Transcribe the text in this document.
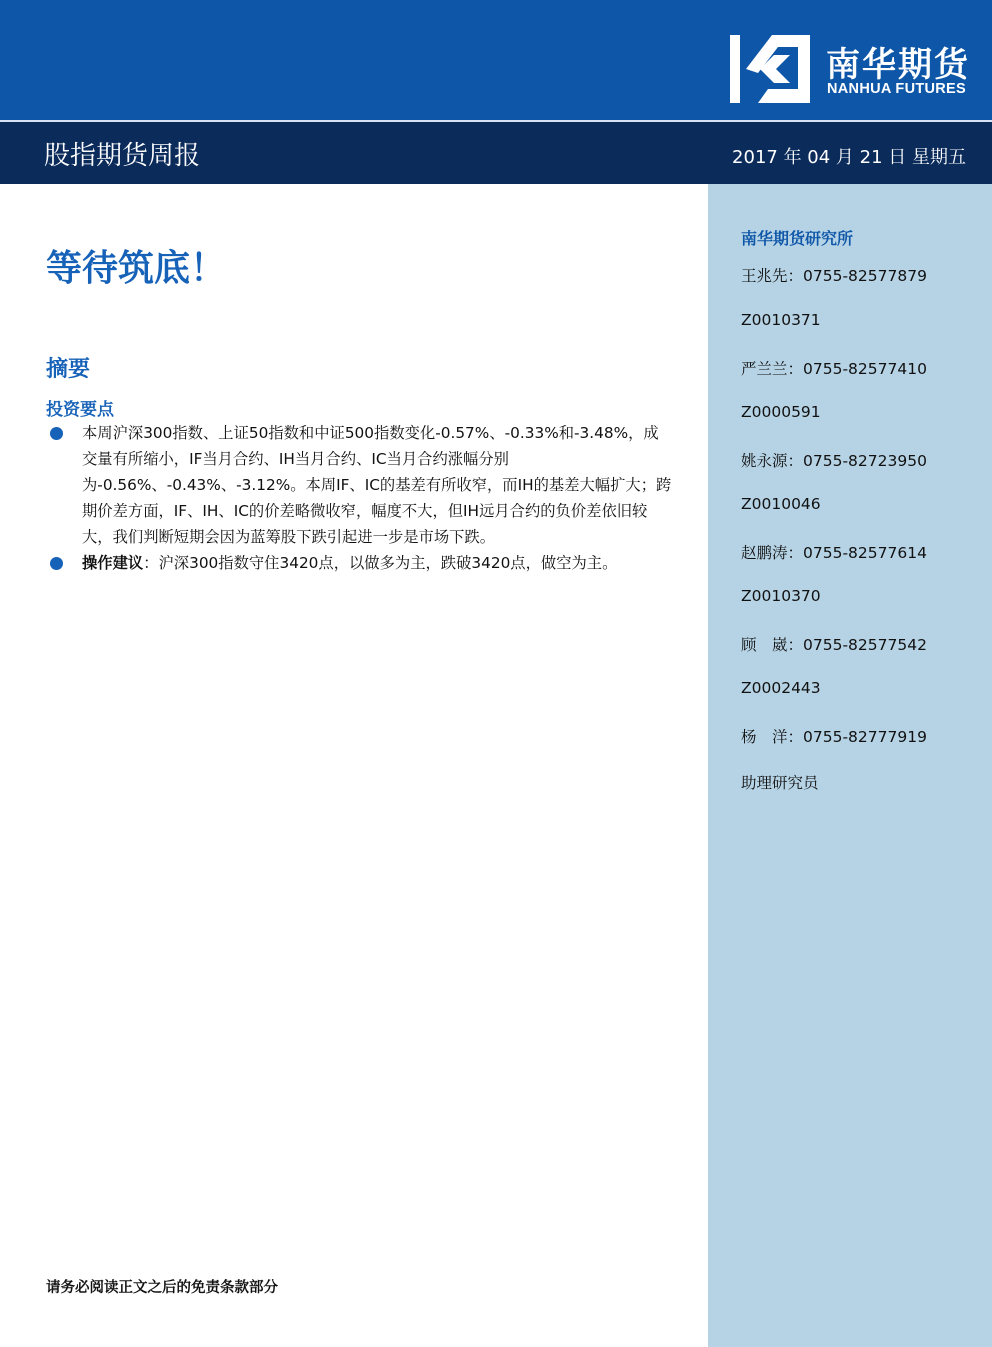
南华期货
NANHUA FUTURES
股指期货周报	2017 年 04 月 21 日 星期五
南华期货研究所
王兆先：0755-82577879
Z0010371
严兰兰：0755-82577410
Z0000591
姚永源：0755-82723950
Z0010046
赵鹏涛：0755-82577614
Z0010370
顾　崴：0755-82577542
Z0002443
杨　洋：0755-82777919
助理研究员
等待筑底！
摘要
投资要点
本周沪深300指数、上证50指数和中证500指数变化-0.57%、-0.33%和-3.48%，成交量有所缩小，IF当月合约、IH当月合约、IC当月合约涨幅分别为-0.56%、-0.43%、-3.12%。本周IF、IC的基差有所收窄，而IH的基差大幅扩大；跨期价差方面，IF、IH、IC的价差略微收窄，幅度不大，但IH远月合约的负价差依旧较大，我们判断短期会因为蓝筹股下跌引起进一步是市场下跌。
操作建议：沪深300指数守住3420点，以做多为主，跌破3420点，做空为主。
请务必阅读正文之后的免责条款部分
